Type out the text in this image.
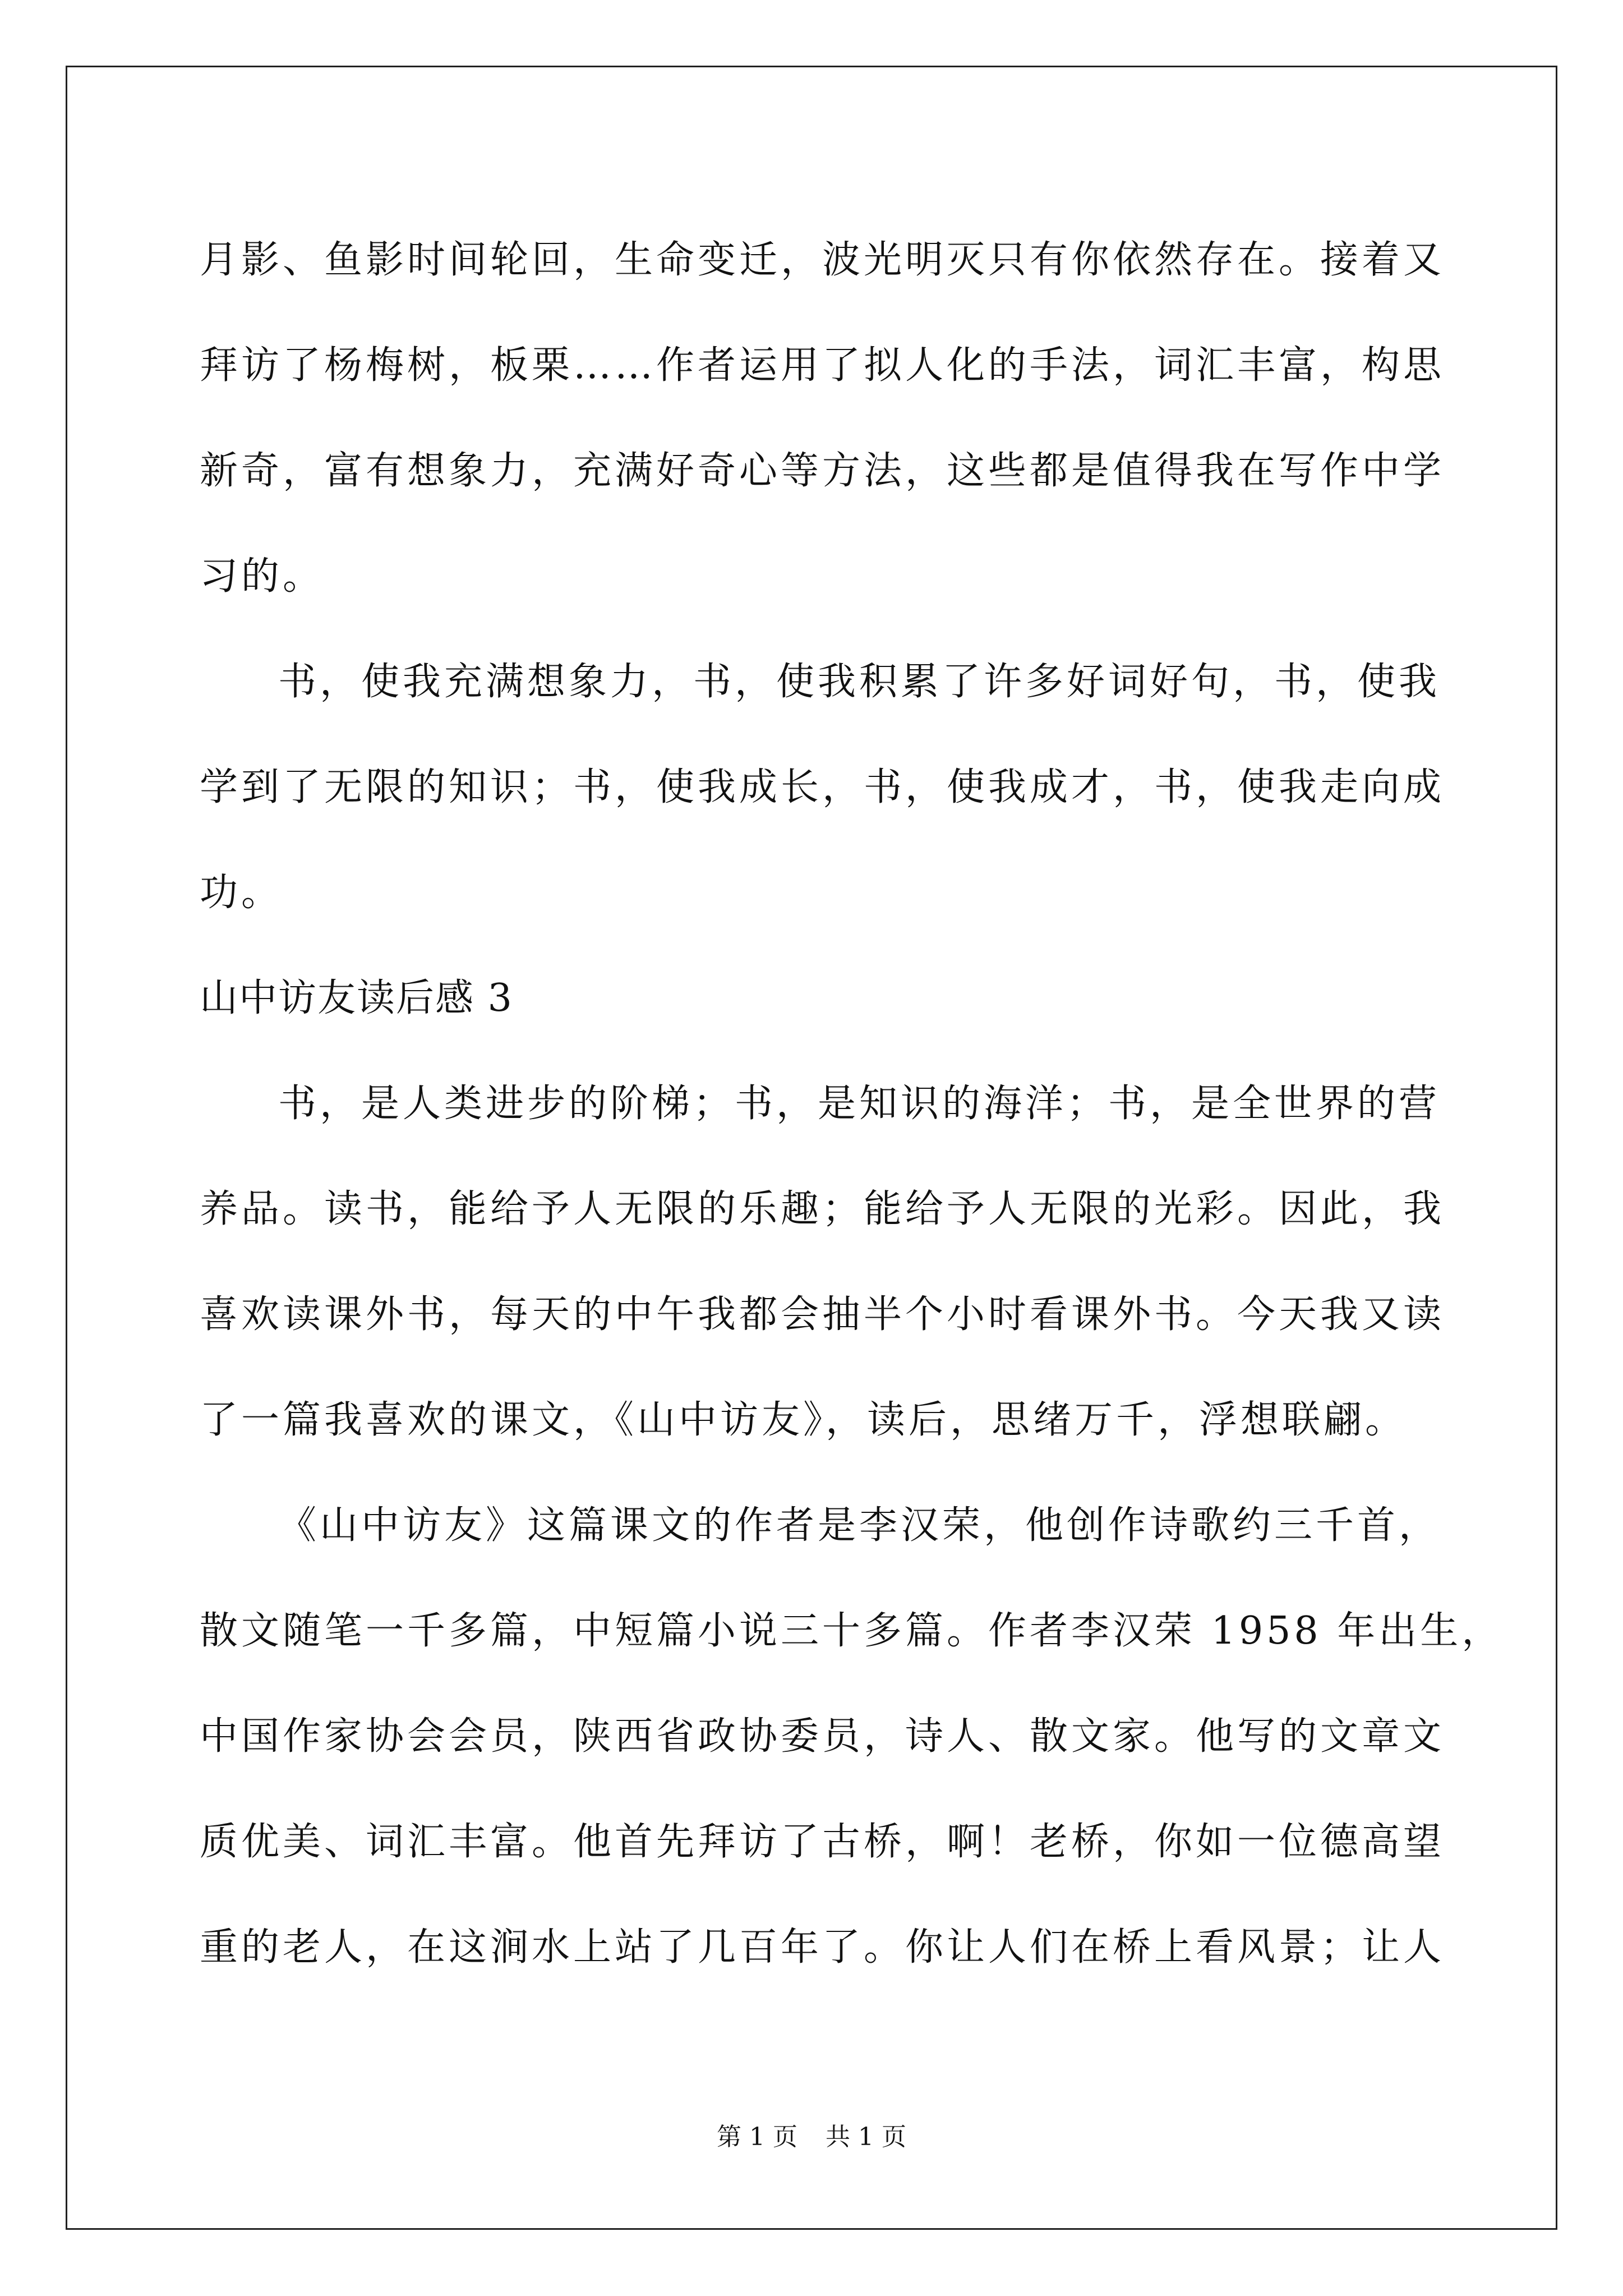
月影、鱼影时间轮回，生命变迁，波光明灭只有你依然存在。接着又
拜访了杨梅树，板栗……作者运用了拟人化的手法，词汇丰富，构思
新奇，富有想象力，充满好奇心等方法，这些都是值得我在写作中学
习的。
书，使我充满想象力，书，使我积累了许多好词好句，书，使我
学到了无限的知识；书，使我成长，书，使我成才，书，使我走向成
功。
山中访友读后感 3
书，是人类进步的阶梯；书，是知识的海洋；书，是全世界的营
养品。读书，能给予人无限的乐趣；能给予人无限的光彩。因此，我
喜欢读课外书，每天的中午我都会抽半个小时看课外书。今天我又读
了一篇我喜欢的课文，《山中访友》，读后，思绪万千，浮想联翩。
《山中访友》这篇课文的作者是李汉荣，他创作诗歌约三千首，
散文随笔一千多篇，中短篇小说三十多篇。作者李汉荣 1958 年出生，
中国作家协会会员，陕西省政协委员，诗人、散文家。他写的文章文
质优美、词汇丰富。他首先拜访了古桥，啊！老桥，你如一位德高望
重的老人，在这涧水上站了几百年了。你让人们在桥上看风景；让人
第 1 页 共 1 页
